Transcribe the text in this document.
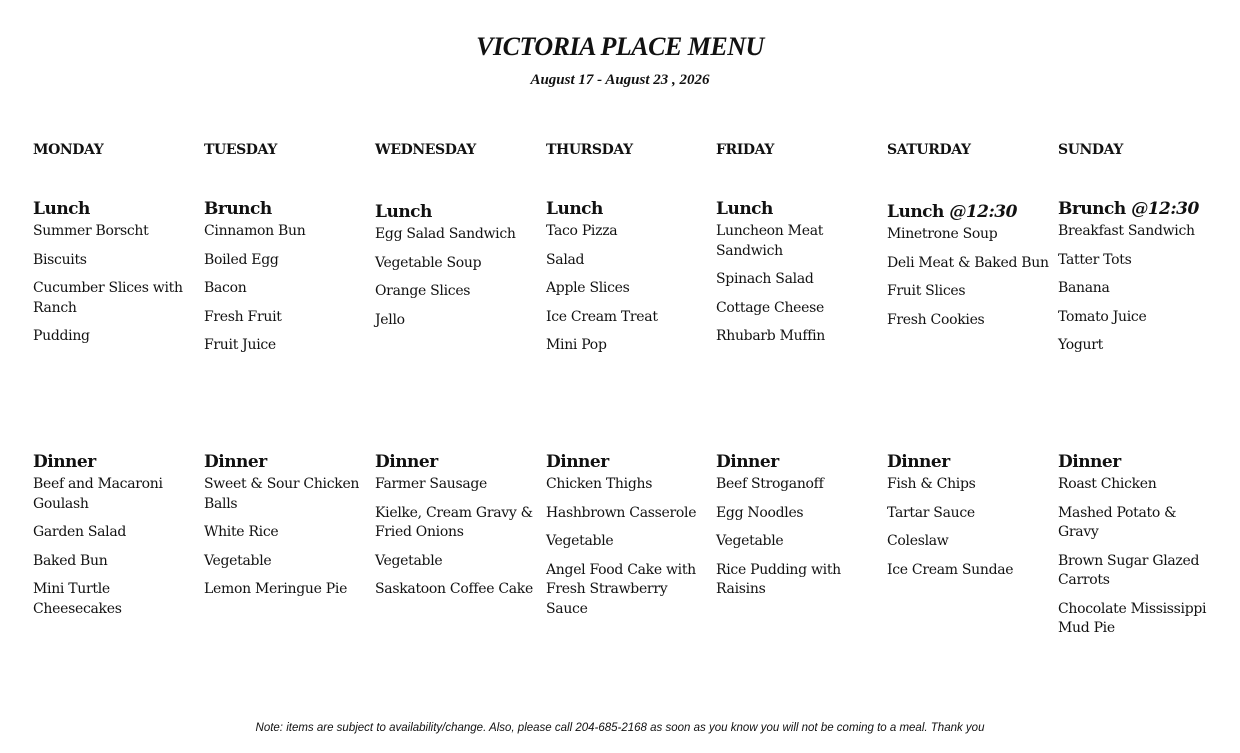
VICTORIA PLACE MENU
August 17 - August 23 , 2026
MONDAY
Lunch
Summer Borscht
Biscuits
Cucumber Slices with Ranch
Pudding
Dinner
Beef and Macaroni Goulash
Garden Salad
Baked Bun
Mini Turtle Cheesecakes
TUESDAY
Brunch
Cinnamon Bun
Boiled Egg
Bacon
Fresh Fruit
Fruit Juice
Dinner
Sweet & Sour Chicken Balls
White Rice
Vegetable
Lemon Meringue Pie
WEDNESDAY
Lunch
Egg Salad Sandwich
Vegetable Soup
Orange Slices
Jello
Dinner
Farmer Sausage
Kielke, Cream Gravy & Fried Onions
Vegetable
Saskatoon Coffee Cake
THURSDAY
Lunch
Taco Pizza
Salad
Apple Slices
Ice Cream Treat
Mini Pop
Dinner
Chicken Thighs
Hashbrown Casserole
Vegetable
Angel Food Cake with Fresh Strawberry Sauce
FRIDAY
Lunch
Luncheon Meat Sandwich
Spinach Salad
Cottage Cheese
Rhubarb Muffin
Dinner
Beef Stroganoff
Egg Noodles
Vegetable
Rice Pudding with Raisins
SATURDAY
Lunch @12:30
Minetrone Soup
Deli Meat & Baked Bun
Fruit Slices
Fresh Cookies
Dinner
Fish & Chips
Tartar Sauce
Coleslaw
Ice Cream Sundae
SUNDAY
Brunch @12:30
Breakfast Sandwich
Tatter Tots
Banana
Tomato Juice
Yogurt
Dinner
Roast Chicken
Mashed Potato & Gravy
Brown Sugar Glazed Carrots
Chocolate Mississippi Mud Pie
Note: items are subject to availability/change. Also, please call 204-685-2168 as soon as you know you will not be coming to a meal. Thank you
